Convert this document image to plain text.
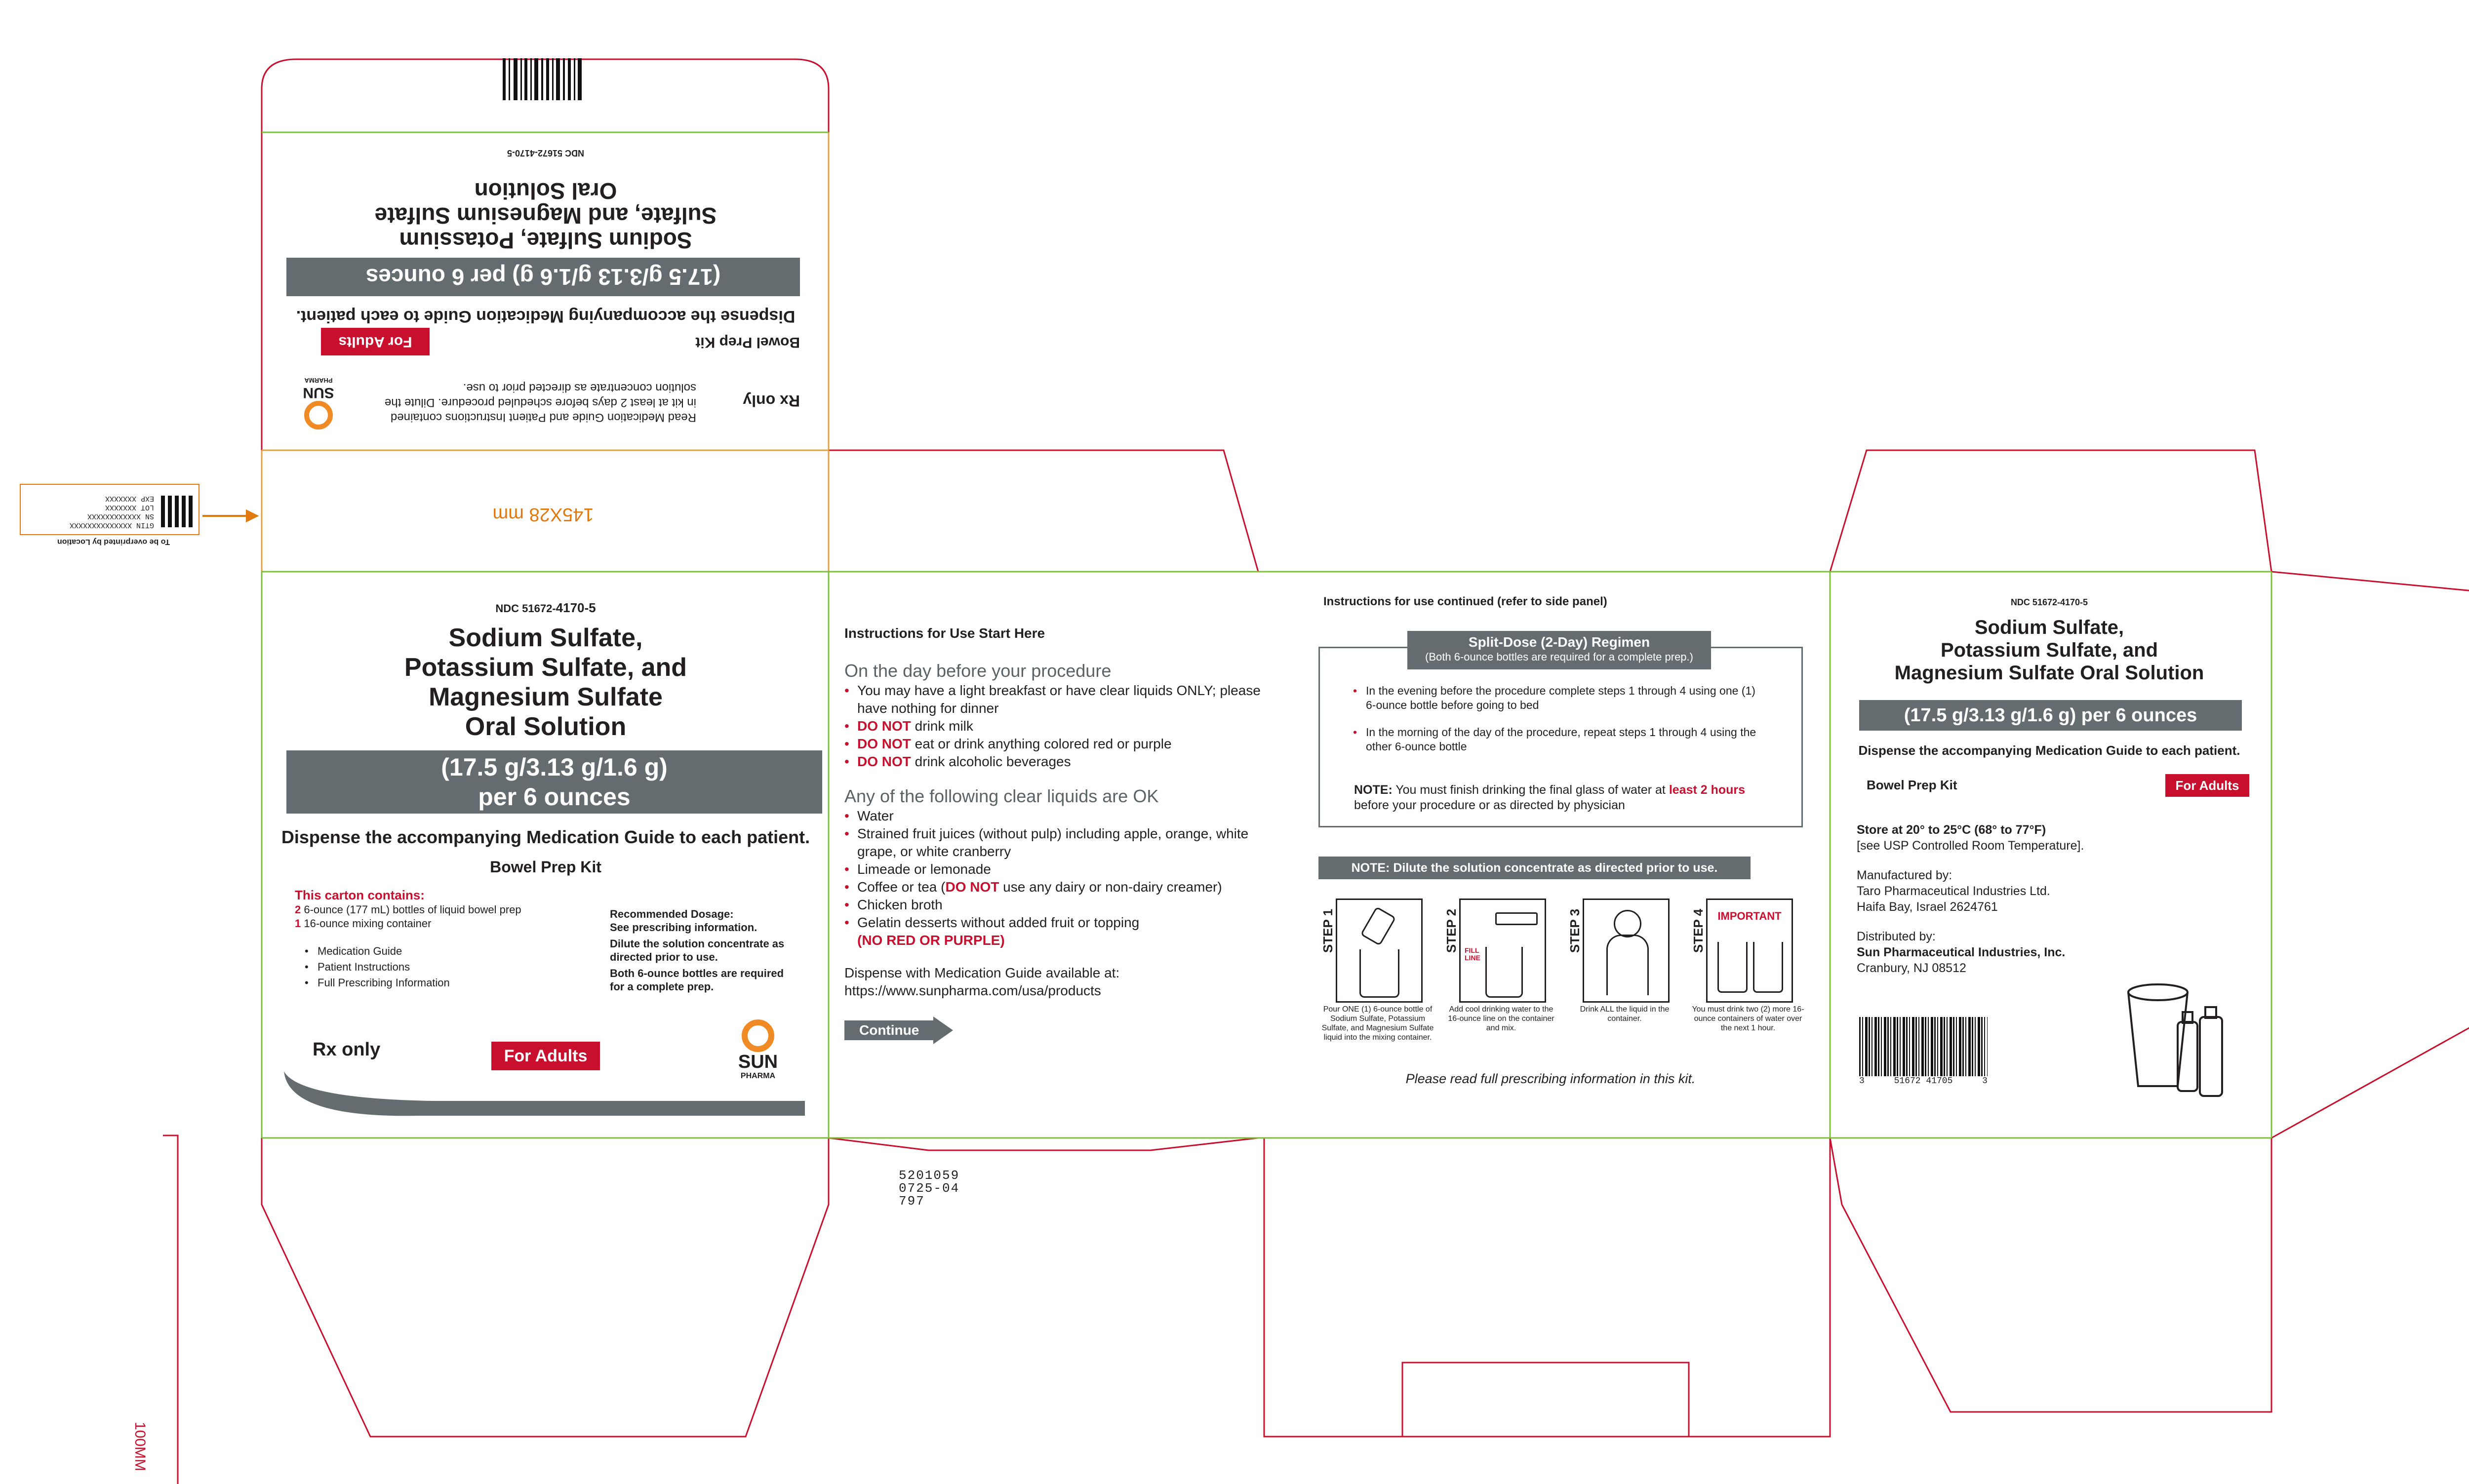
NDC 51672-4170-5
Sodium Sulfate, Potassium Sulfate, and Magnesium Sulfate Oral Solution
(17.5 g/3.13 g/1.6 g) per 6 ounces
Dispense the accompanying Medication Guide to each patient.
Bowel Prep Kit
For Adults
Rx only
Read Medication Guide and Patient Instructions contained in kit at least 2 days before scheduled procedure. Dilute the solution concentrate as directed prior to use.
SUN
PHARMA
145X28 mm
GTIN XXXXXXXXXXXXXX
SN XXXXXXXXXXXX
LOT XXXXXXX
EXP XXXXXXX
To be overprinted by Location
NDC 51672-4170-5
Sodium Sulfate,
Potassium Sulfate, and
Magnesium Sulfate
Oral Solution
(17.5 g/3.13 g/1.6 g)
per 6 ounces
Dispense the accompanying Medication Guide to each patient.
Bowel Prep Kit
This carton contains:
2 6-ounce (177 mL) bottles of liquid bowel prep
1 16-ounce mixing container
• Medication Guide
• Patient Instructions
• Full Prescribing Information
Recommended Dosage:
See prescribing information.
Dilute the solution concentrate as directed prior to use.
Both 6-ounce bottles are required for a complete prep.
Rx only	For Adults	SUN
PHARMA
Instructions for Use Start Here
On the day before your procedure
• You may have a light breakfast or have clear liquids ONLY; please have nothing for dinner
• DO NOT drink milk
• DO NOT eat or drink anything colored red or purple
• DO NOT drink alcoholic beverages
Any of the following clear liquids are OK
• Water
• Strained fruit juices (without pulp) including apple, orange, white grape, or white cranberry
• Limeade or lemonade
• Coffee or tea (DO NOT use any dairy or non-dairy creamer)
• Chicken broth
• Gelatin desserts without added fruit or topping
(NO RED OR PURPLE)
Dispense with Medication Guide available at:
https://www.sunpharma.com/usa/products
Continue
Instructions for use continued (refer to side panel)
Split-Dose (2-Day) Regimen
(Both 6-ounce bottles are required for a complete prep.)
• In the evening before the procedure complete steps 1 through 4 using one (1) 6-ounce bottle before going to bed
• In the morning of the day of the procedure, repeat steps 1 through 4 using the other 6-ounce bottle
NOTE: You must finish drinking the final glass of water at least 2 hours before your procedure or as directed by physician
NOTE: Dilute the solution concentrate as directed prior to use.
STEP 1
Pour ONE (1) 6-ounce bottle of Sodium Sulfate, Potassium Sulfate, and Magnesium Sulfate liquid into the mixing container.
STEP 2 FILL LINE
Add cool drinking water to the 16-ounce line on the container and mix.
STEP 3
Drink ALL the liquid in the container.
STEP 4	IMPORTANT
You must drink two (2) more 16-ounce containers of water over the next 1 hour.
Please read full prescribing information in this kit.
NDC 51672-4170-5
Sodium Sulfate,
Potassium Sulfate, and
Magnesium Sulfate Oral Solution
(17.5 g/3.13 g/1.6 g) per 6 ounces
Dispense the accompanying Medication Guide to each patient.
Bowel Prep Kit	For Adults
Store at 20° to 25°C (68° to 77°F)
[see USP Controlled Room Temperature].
Manufactured by:
Taro Pharmaceutical Industries Ltd.
Haifa Bay, Israel 2624761
Distributed by:
Sun Pharmaceutical Industries, Inc.
Cranbury, NJ 08512
3	51672 41705	3
5201059
0725-04
797
100MM
